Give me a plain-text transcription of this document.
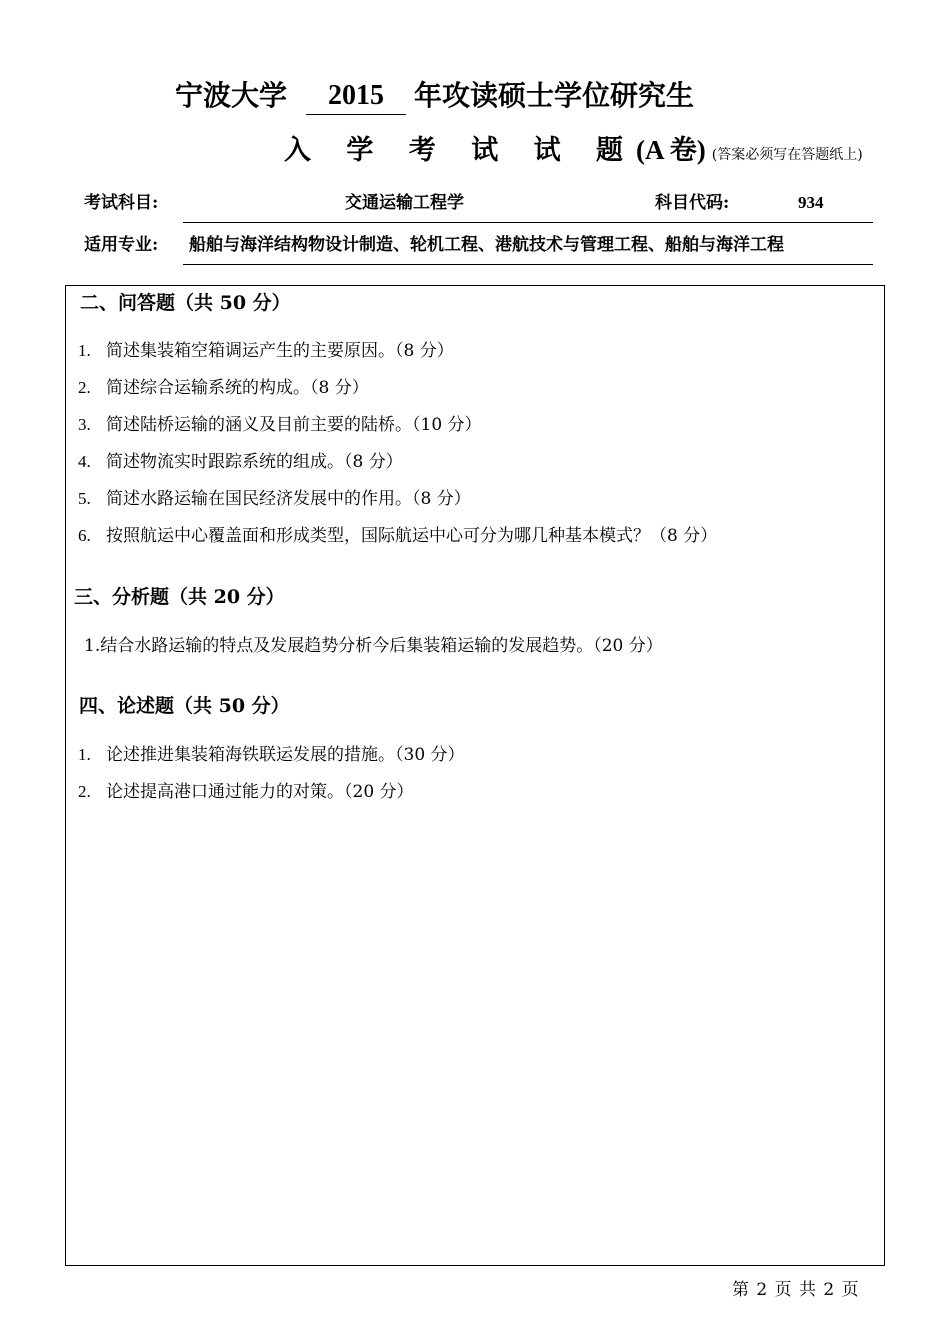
宁波大学	2015	年攻读硕士学位研究生
入 学 考 试 试 题(A 卷) (答案必须写在答题纸上)
考试科目:	交通运输工程学	科目代码:	934
适用专业: 船舶与海洋结构物设计制造、轮机工程、港航技术与管理工程、船舶与海洋工程
二、问答题（共 50 分）
1. 简述集装箱空箱调运产生的主要原因。（8 分）
2. 简述综合运输系统的构成。（8 分）
3. 简述陆桥运输的涵义及目前主要的陆桥。（10 分）
4. 简述物流实时跟踪系统的组成。（8 分）
5. 简述水路运输在国民经济发展中的作用。（8 分）
6. 按照航运中心覆盖面和形成类型，国际航运中心可分为哪几种基本模式？（8 分）
三、分析题（共 20 分）
1.结合水路运输的特点及发展趋势分析今后集装箱运输的发展趋势。（20 分）
四、论述题（共 50 分）
1. 论述推进集装箱海铁联运发展的措施。（30 分）
2. 论述提高港口通过能力的对策。（20 分）
第 2 页 共 2 页
